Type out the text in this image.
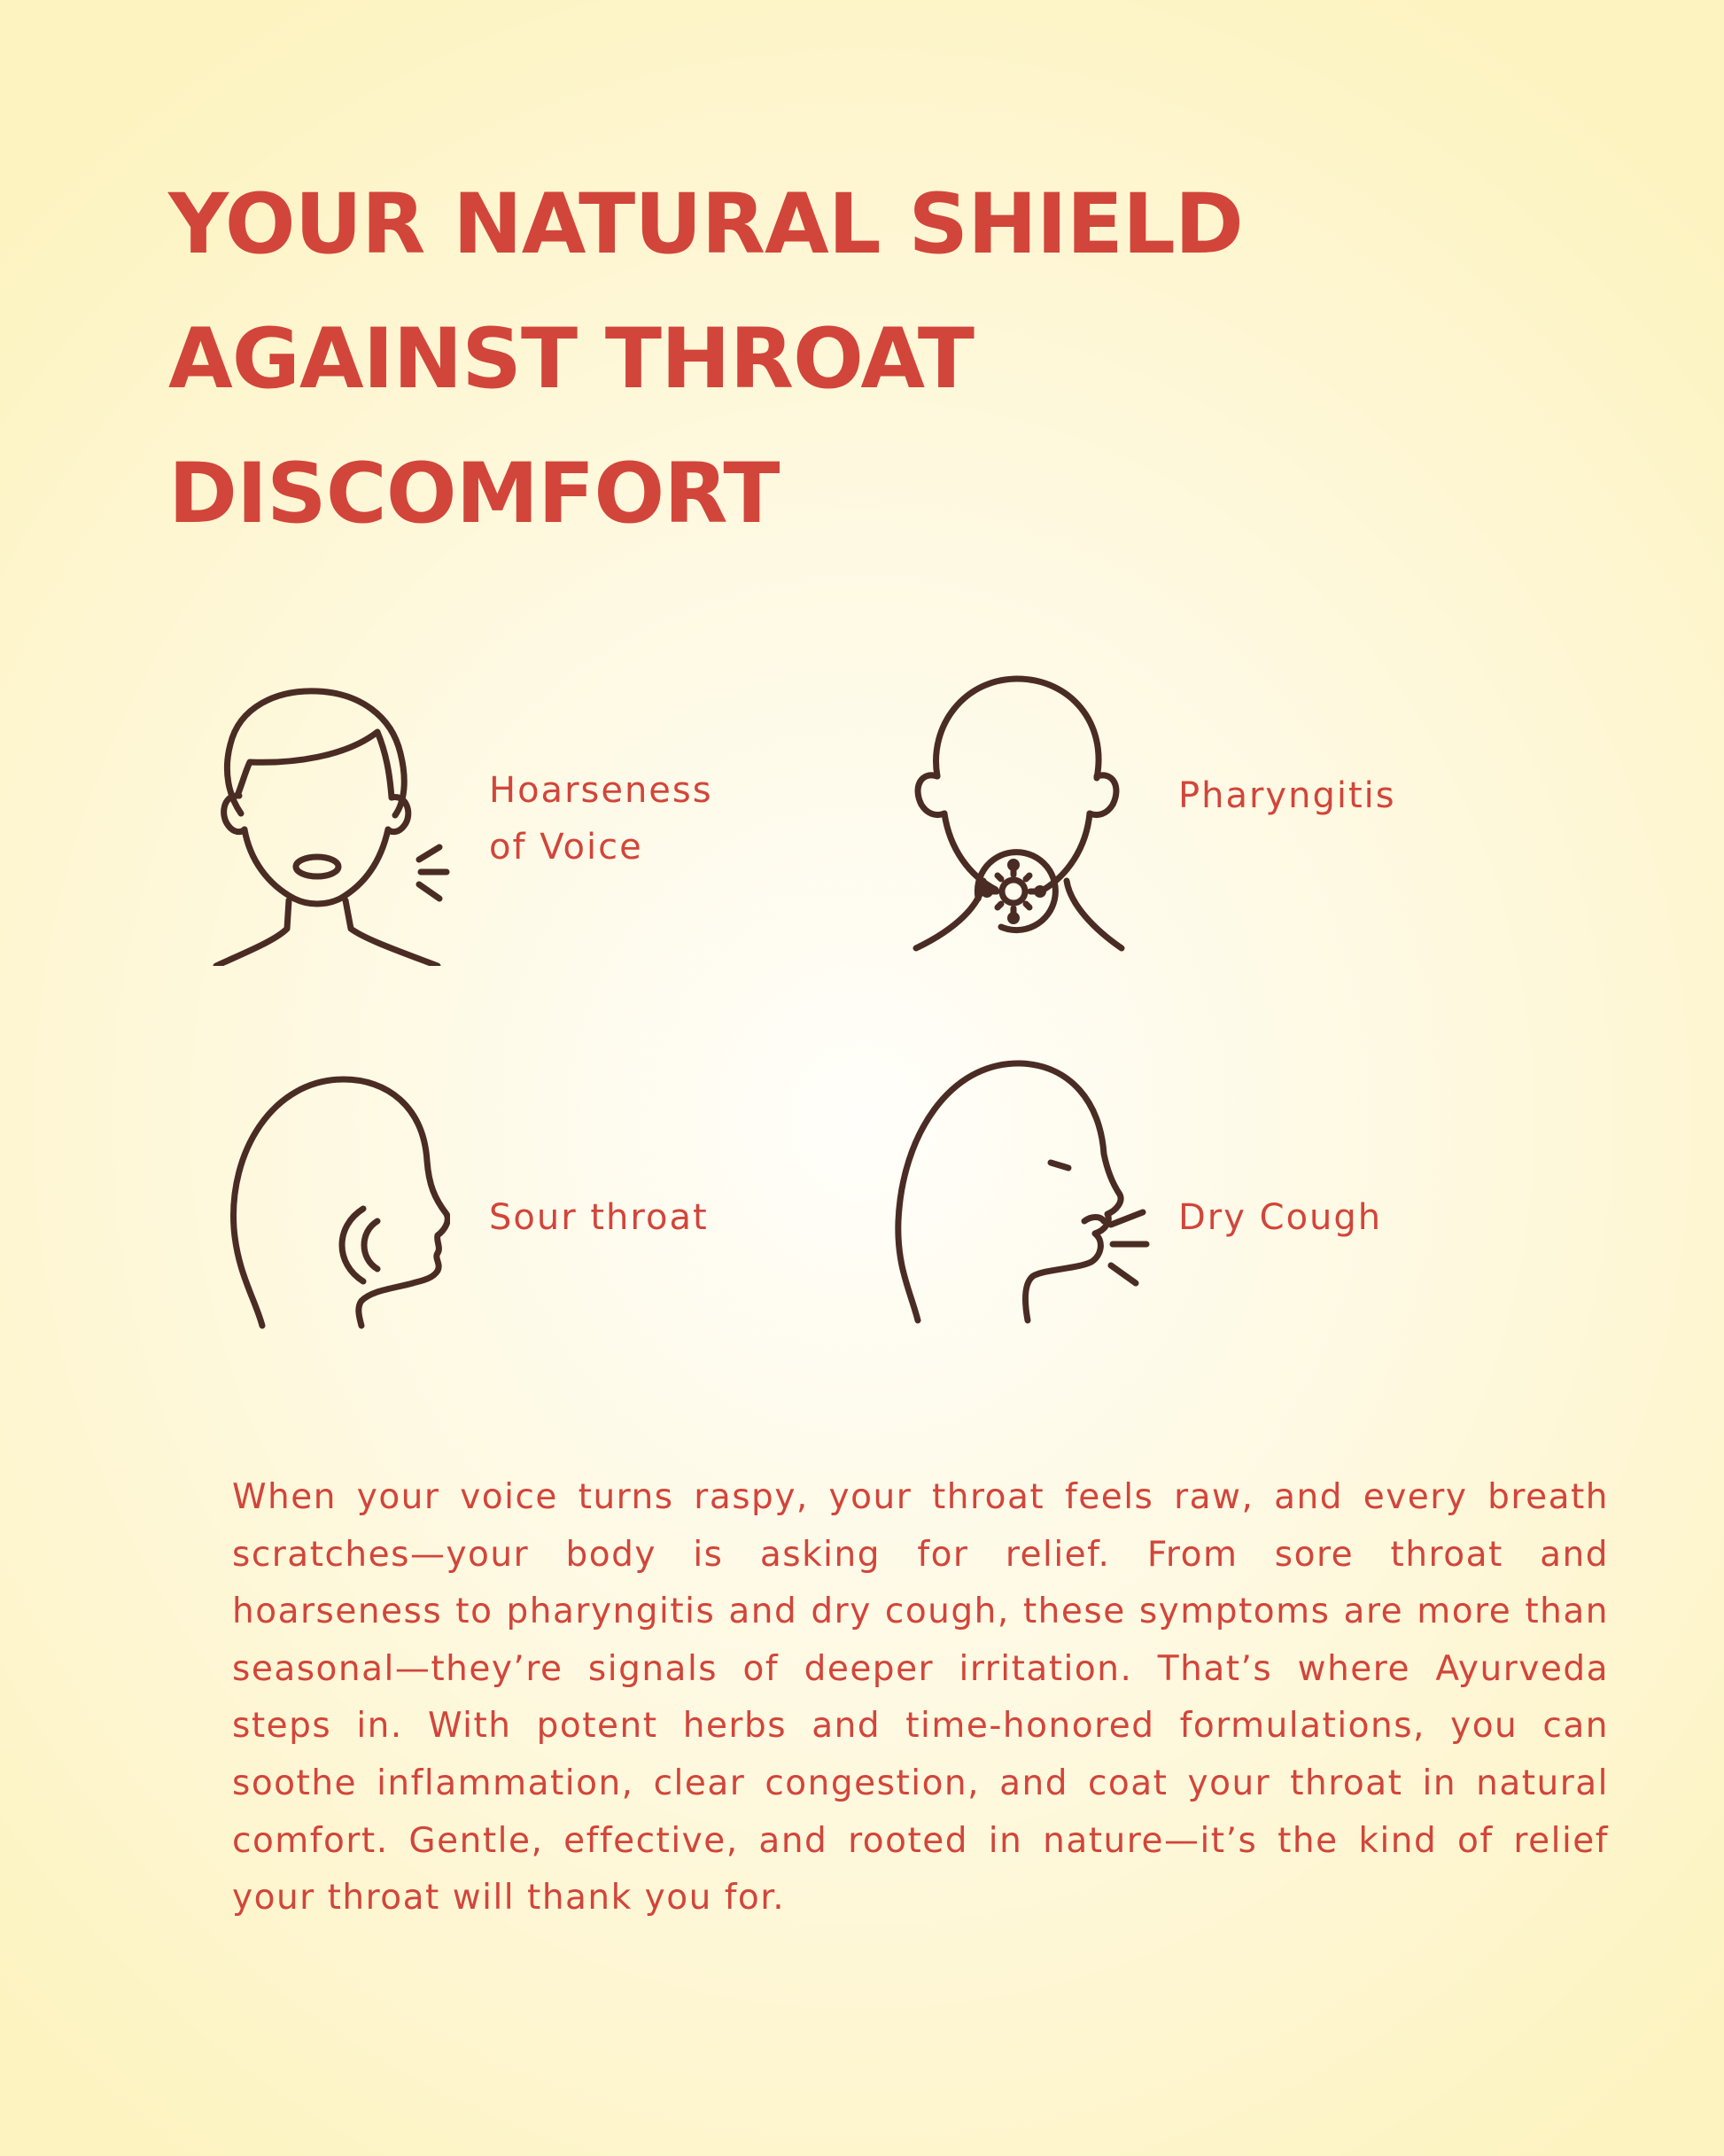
YOUR NATURAL SHIELD
AGAINST THROAT
DISCOMFORT
Hoarseness
of Voice
Pharyngitis
Sour throat	Dry Cough

When your voice turns raspy, your throat feels raw, and every breath scratches—your body is asking for relief. From sore throat and hoarseness to pharyngitis and dry cough, these symptoms are more than seasonal—they’re signals of deeper irritation. That’s where Ayurveda steps in. With potent herbs and time-honored formulations, you can soothe inflammation, clear congestion, and coat your throat in natural comfort. Gentle, effective, and rooted in nature—it’s the kind of relief your throat will thank you for.
